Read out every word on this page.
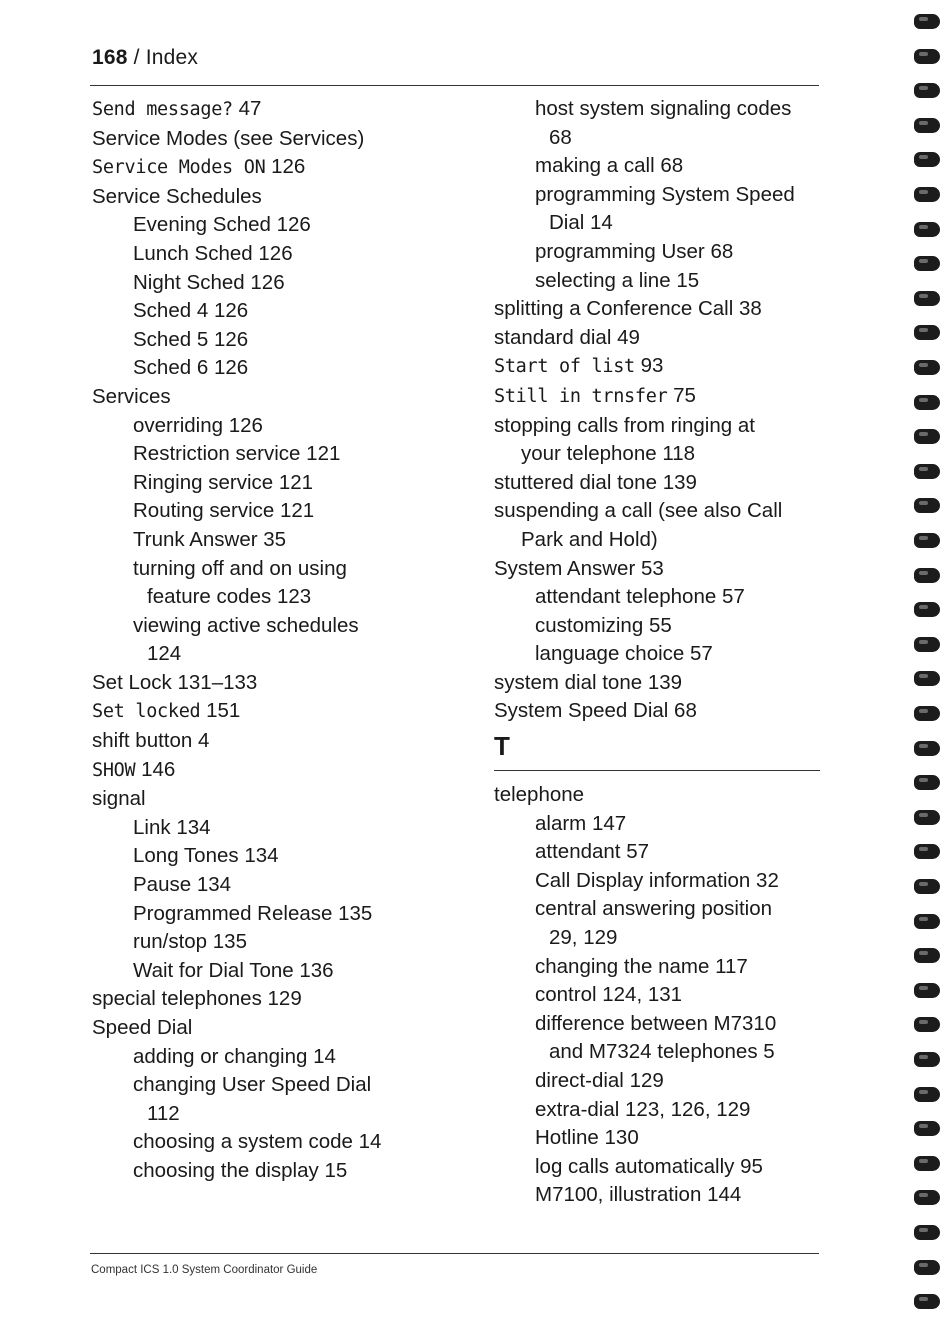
168 / Index
Send message? 47
Service Modes (see Services)
Service Modes ON 126
Service Schedules
Evening Sched 126
Lunch Sched 126
Night Sched 126
Sched 4 126
Sched 5 126
Sched 6 126
Services
overriding 126
Restriction service 121
Ringing service 121
Routing service 121
Trunk Answer 35
turning off and on using
feature codes 123
viewing active schedules
124
Set Lock 131–133
Set locked 151
shift button 4
SHOW 146
signal
Link 134
Long Tones 134
Pause 134
Programmed Release 135
run/stop 135
Wait for Dial Tone 136
special telephones 129
Speed Dial
adding or changing 14
changing User Speed Dial
112
choosing a system code 14
choosing the display 15
host system signaling codes
68
making a call 68
programming System Speed
Dial 14
programming User 68
selecting a line 15
splitting a Conference Call 38
standard dial 49
Start of list 93
Still in trnsfer 75
stopping calls from ringing at
your telephone 118
stuttered dial tone 139
suspending a call (see also Call
Park and Hold)
System Answer 53
attendant telephone 57
customizing 55
language choice 57
system dial tone 139
System Speed Dial 68
T
telephone
alarm 147
attendant 57
Call Display information 32
central answering position
29, 129
changing the name 117
control 124, 131
difference between M7310
and M7324 telephones 5
direct-dial 129
extra-dial 123, 126, 129
Hotline 130
log calls automatically 95
M7100, illustration 144
Compact ICS 1.0 System Coordinator Guide
